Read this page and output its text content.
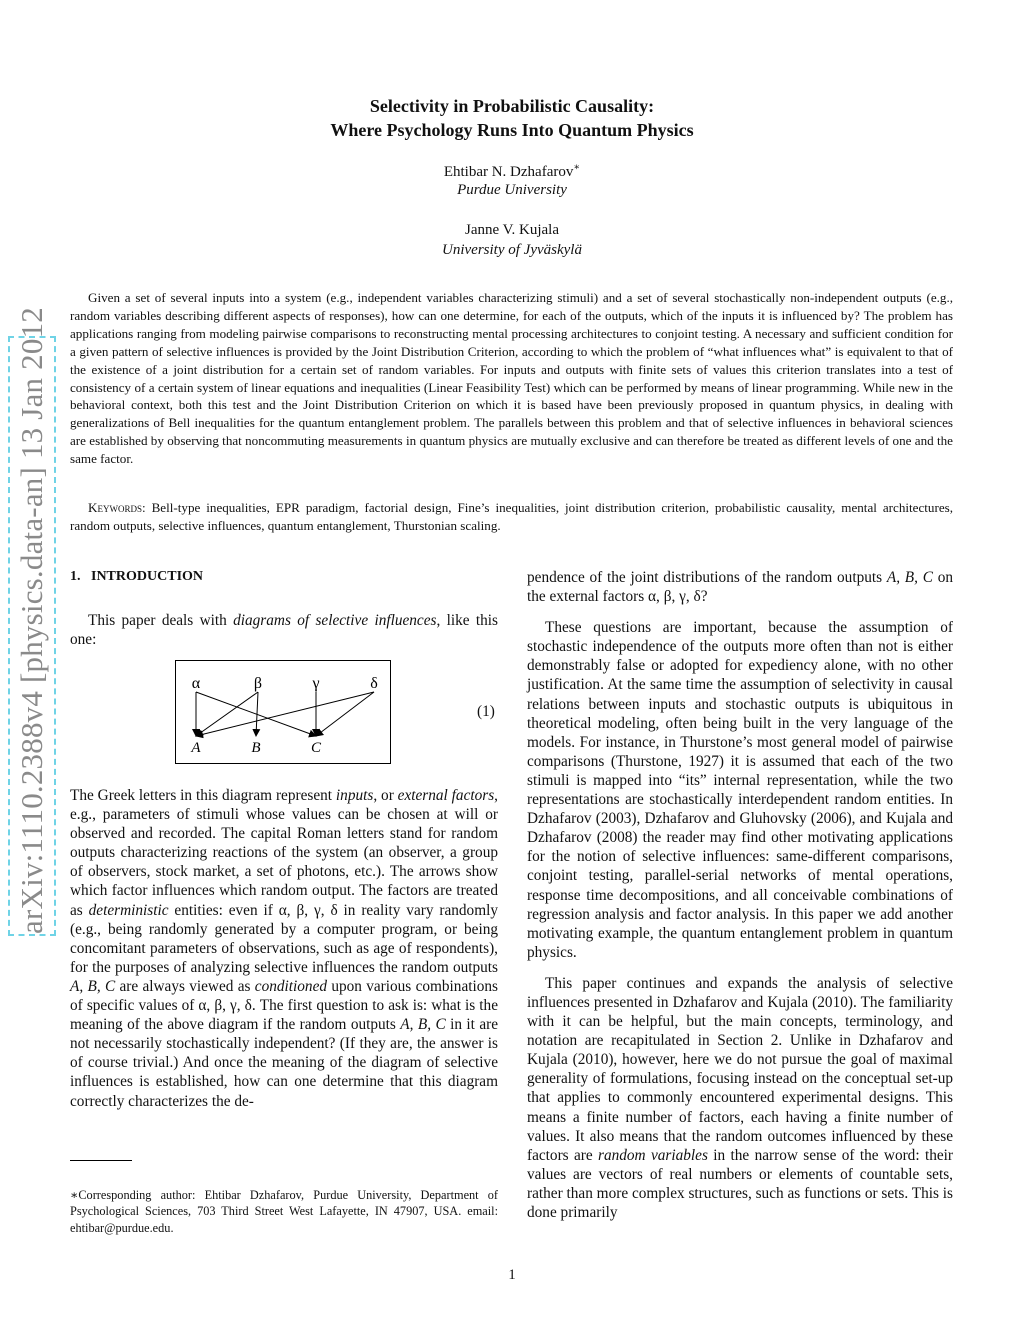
arXiv:1110.2388v4 [physics.data-an] 13 Jan 2012
Selectivity in Probabilistic Causality:
Where Psychology Runs Into Quantum Physics
Ehtibar N. Dzhafarov∗
Purdue University
Janne V. Kujala
University of Jyväskylä

Given a set of several inputs into a system (e.g., independent variables characterizing stimuli) and a set of several stochastically non-independent outputs (e.g., random variables describing different aspects of responses), how can one determine, for each of the outputs, which of the inputs it is influenced by? The problem has applications ranging from modeling pairwise comparisons to reconstructing mental processing architectures to conjoint testing. A necessary and sufficient condition for a given pattern of selective influences is provided by the Joint Distribution Criterion, according to which the problem of “what influences what” is equivalent to that of the existence of a joint distribution for a certain set of random variables. For inputs and outputs with finite sets of values this criterion translates into a test of consistency of a certain system of linear equations and inequalities (Linear Feasibility Test) which can be performed by means of linear programming. While new in the behavioral context, both this test and the Joint Distribution Criterion on which it is based have been previously proposed in quantum physics, in dealing with generalizations of Bell inequalities for the quantum entanglement problem. The parallels between this problem and that of selective influences in behavioral sciences are established by observing that noncommuting measurements in quantum physics are mutually exclusive and can therefore be treated as different levels of one and the same factor.

Keywords: Bell-type inequalities, EPR paradigm, factorial design, Fine’s inequalities, joint distribution criterion, probabilistic causality, mental architectures, random outputs, selective influences, quantum entanglement, Thurstonian scaling.

1. INTRODUCTION

This paper deals with diagrams of selective influences, like this one:

α	β	γ	δ
A	B	C
(1)

The Greek letters in this diagram represent inputs, or external factors, e.g., parameters of stimuli whose values can be chosen at will or observed and recorded. The capital Roman letters stand for random outputs characterizing reactions of the system (an observer, a group of observers, stock market, a set of photons, etc.). The arrows show which factor influences which random output. The factors are treated as deterministic entities: even if α, β, γ, δ in reality vary randomly (e.g., being randomly generated by a computer program, or being concomitant parameters of observations, such as age of respondents), for the purposes of analyzing selective influences the random outputs A, B, C are always viewed as conditioned upon various combinations of specific values of α, β, γ, δ. The first question to ask is: what is the meaning of the above diagram if the random outputs A, B, C in it are not necessarily stochastically independent? (If they are, the answer is of course trivial.) And once the meaning of the diagram of selective influences is established, how can one determine that this diagram correctly characterizes the de-

∗Corresponding author: Ehtibar Dzhafarov, Purdue University, Department of Psychological Sciences, 703 Third Street West Lafayette, IN 47907, USA. email: ehtibar@purdue.edu.

pendence of the joint distributions of the random outputs A, B, C on the external factors α, β, γ, δ?

These questions are important, because the assumption of stochastic independence of the outputs more often than not is either demonstrably false or adopted for expediency alone, with no other justification. At the same time the assumption of selectivity in causal relations between inputs and stochastic outputs is ubiquitous in theoretical modeling, often being built in the very language of the models. For instance, in Thurstone’s most general model of pairwise comparisons (Thurstone, 1927) it is assumed that each of the two stimuli is mapped into “its” internal representation, while the two representations are stochastically interdependent random entities. In Dzhafarov (2003), Dzhafarov and Gluhovsky (2006), and Kujala and Dzhafarov (2008) the reader may find other motivating applications for the notion of selective influences: same-different comparisons, conjoint testing, parallel-serial networks of mental operations, response time decompositions, and all conceivable combinations of regression analysis and factor analysis. In this paper we add another motivating example, the quantum entanglement problem in quantum physics.

This paper continues and expands the analysis of selective influences presented in Dzhafarov and Kujala (2010). The familiarity with it can be helpful, but the main concepts, terminology, and notation are recapitulated in Section 2. Unlike in Dzhafarov and Kujala (2010), however, here we do not pursue the goal of maximal generality of formulations, focusing instead on the conceptual set-up that applies to commonly encountered experimental designs. This means a finite number of factors, each having a finite number of values. It also means that the random outcomes influenced by these factors are random variables in the narrow sense of the word: their values are vectors of real numbers or elements of countable sets, rather than more complex structures, such as functions or sets. This is done primarily

1
